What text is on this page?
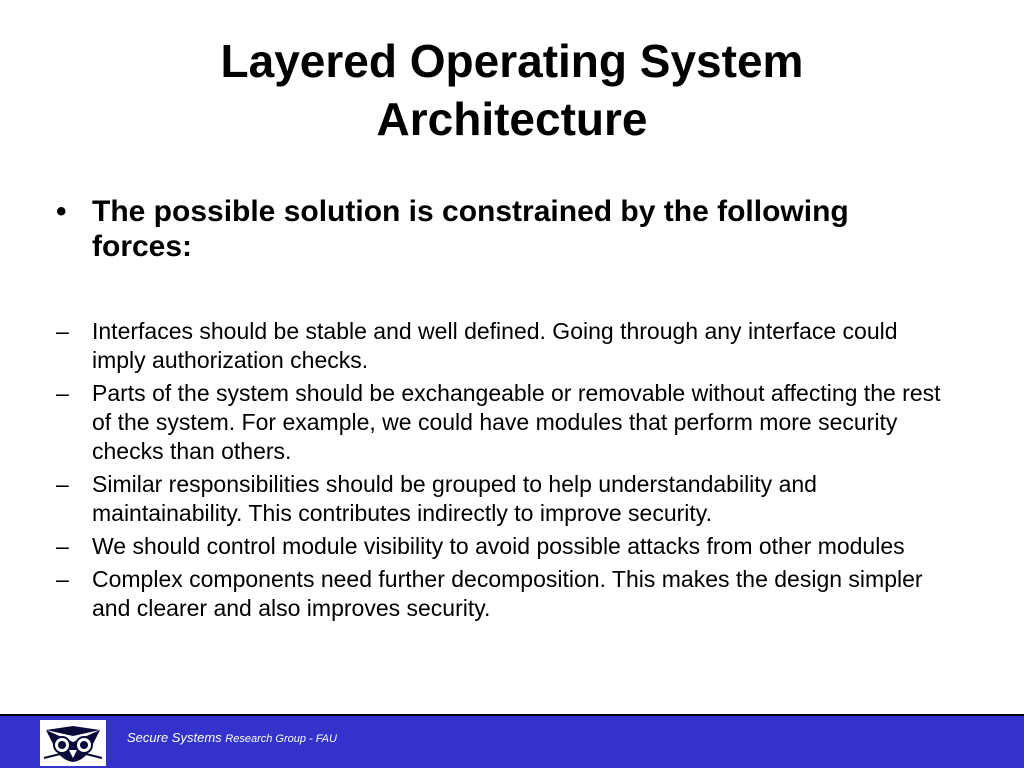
Layered Operating System
Architecture
• The possible solution is constrained by the following forces:
–	Interfaces should be stable and well defined. Going through any interface could imply authorization checks.
–	Parts of the system should be exchangeable or removable without affecting the rest of the system. For example, we could have modules that perform more security checks than others.
–	Similar responsibilities should be grouped to help understandability and maintainability. This contributes indirectly to improve security.
–	We should control module visibility to avoid possible attacks from other modules
–	Complex components need further decomposition. This makes the design simpler and clearer and also improves security.
Secure Systems Research Group - FAU
